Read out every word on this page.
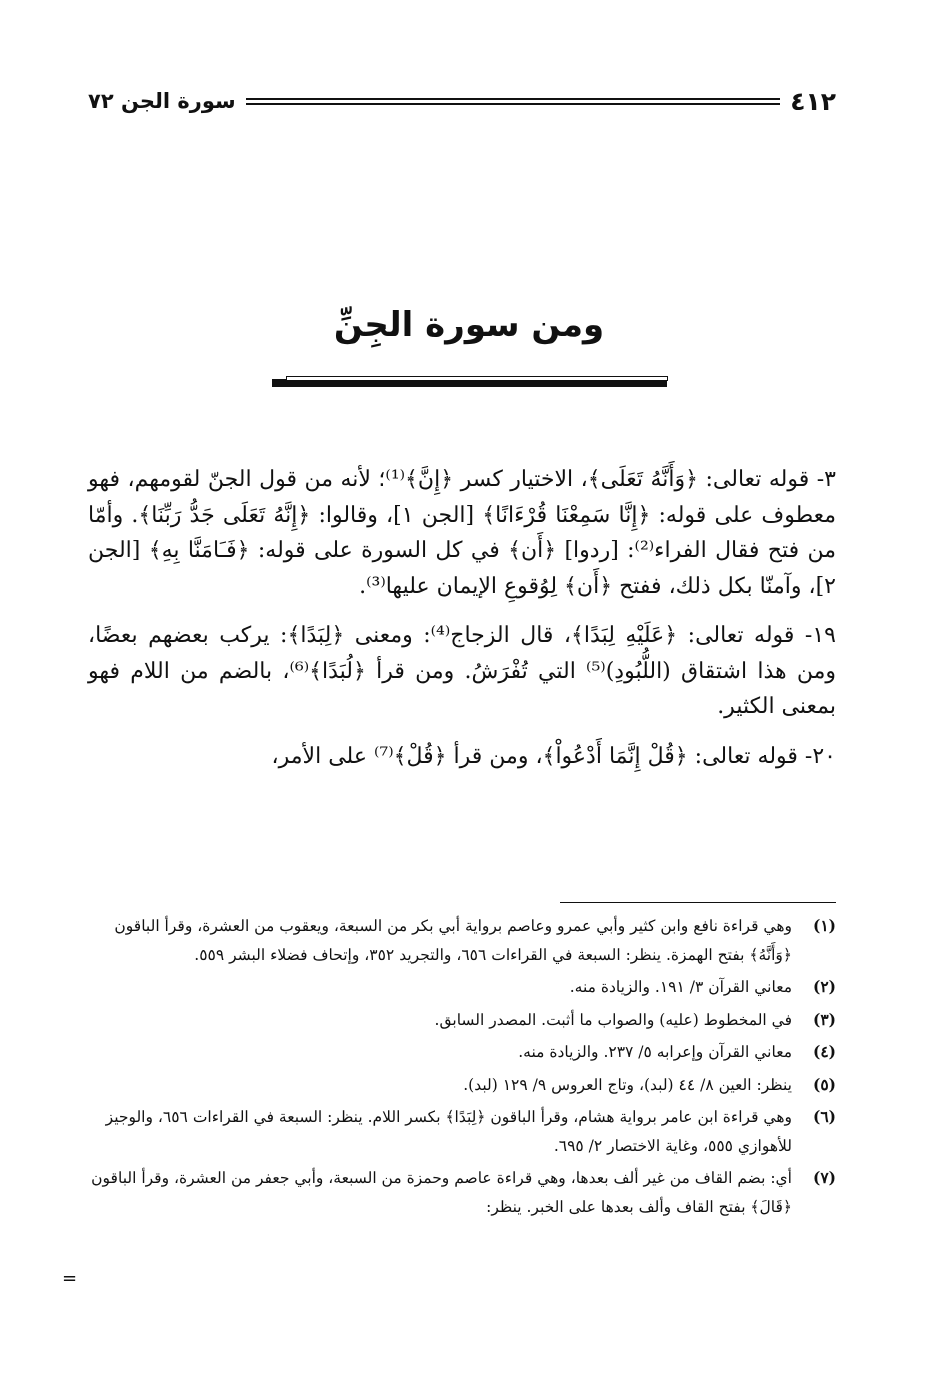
٤١٢
سورة الجن ٧٢
ومن سورة الجِنِّ

٣- قوله تعالى: ﴿وَأَنَّهُ تَعَلَى﴾، الاختيار كسر ﴿إِنَّ﴾⁽¹⁾؛ لأنه من قول الجنّ لقومهم، فهو معطوف على قوله: ﴿إِنَّا سَمِعْنَا قُرْءَانًا﴾ [الجن ١]، وقالوا: ﴿إِنَّهُ تَعَلَى جَدُّ رَبِّنَا﴾. وأمّا من فتح فقال الفراء⁽²⁾: [ردوا] ﴿أَن﴾ في كل السورة على قوله: ﴿فَـَامَنَّا بِهِ﴾ [الجن ٢]، وآمنّا بكل ذلك، ففتح ﴿أَن﴾ لِوُقوعِ الإيمان عليها⁽³⁾.

١٩- قوله تعالى: ﴿عَلَيْهِ لِبَدًا﴾، قال الزجاج⁽⁴⁾: ومعنى ﴿لِبَدًا﴾: يركب بعضهم بعضًا، ومن هذا اشتقاق (اللُّبُودِ)⁽⁵⁾ التي تُفْرَشُ. ومن قرأ ﴿لُبَدًا﴾⁽⁶⁾، بالضم من اللام فهو بمعنى الكثير.

٢٠- قوله تعالى: ﴿قُلْ إِنَّمَا أَدْعُواْ﴾، ومن قرأ ﴿قُلْ﴾⁽⁷⁾ على الأمر،

(١)
وهي قراءة نافع وابن كثير وأبي عمرو وعاصم برواية أبي بكر من السبعة، ويعقوب من العشرة، وقرأ الباقون ﴿وَأَنَّهُ﴾ بفتح الهمزة. ينظر: السبعة في القراءات ٦٥٦، والتجريد ٣٥٢، وإتحاف فضلاء البشر ٥٥٩.
(٢)
معاني القرآن ٣/ ١٩١. والزيادة منه.
(٣)
في المخطوط (عليه) والصواب ما أثبت. المصدر السابق.
(٤)
معاني القرآن وإعرابه ٥/ ٢٣٧. والزيادة منه.
(٥)
ينظر: العين ٨/ ٤٤ (لبد)، وتاج العروس ٩/ ١٢٩ (لبد).
(٦)
وهي قراءة ابن عامر برواية هشام، وقرأ الباقون ﴿لِبَدًا﴾ بكسر اللام. ينظر: السبعة في القراءات ٦٥٦، والوجيز للأهوازي ٥٥٥، وغاية الاختصار ٢/ ٦٩٥.
(٧)
أي: بضم القاف من غير ألف بعدها، وهي قراءة عاصم وحمزة من السبعة، وأبي جعفر من العشرة، وقرأ الباقون ﴿قَالَ﴾ بفتح القاف وألف بعدها على الخبر. ينظر:
=
